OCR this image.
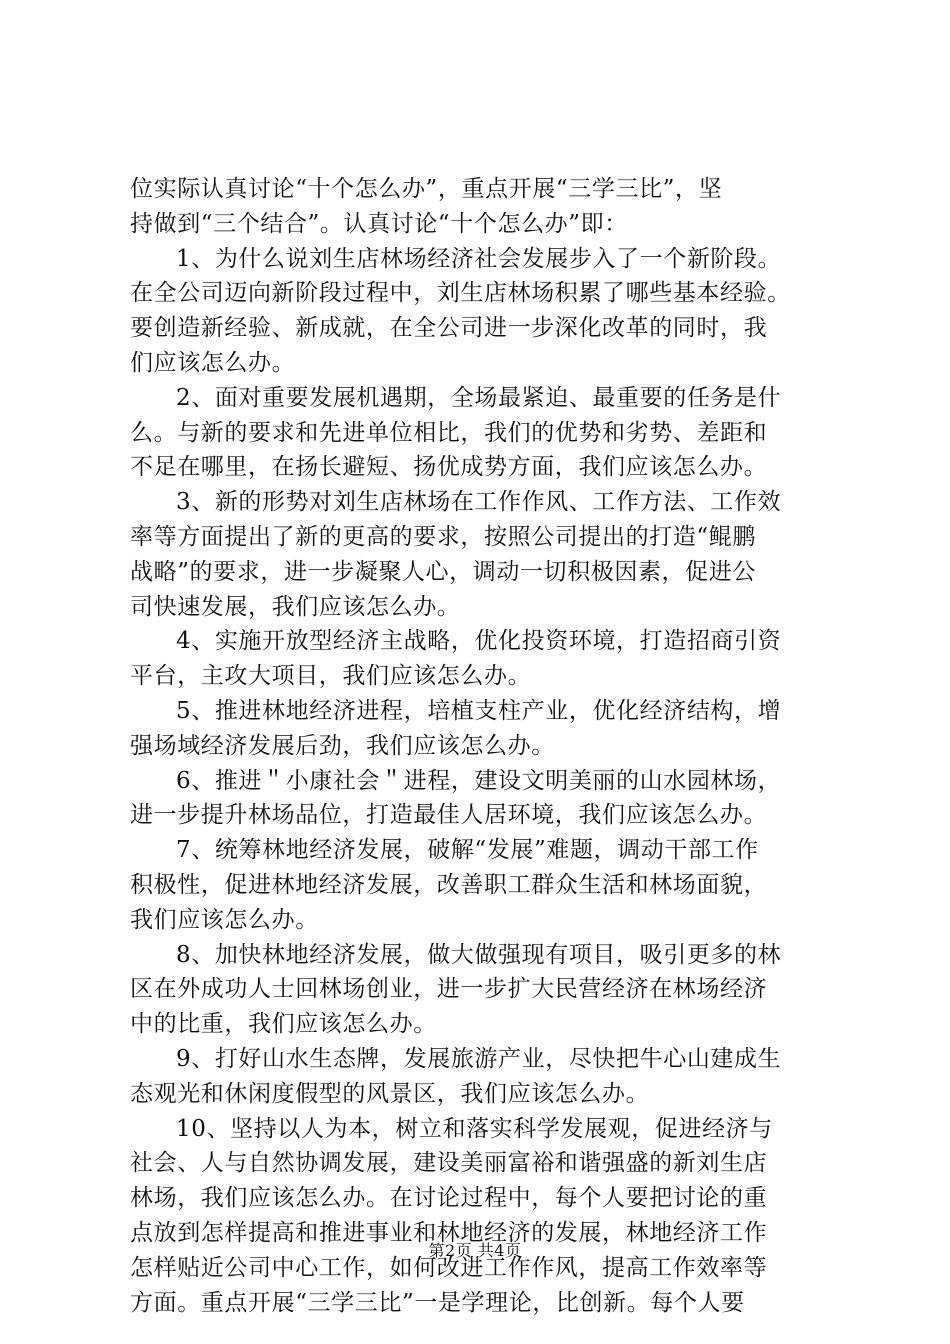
位实际认真讨论“十个怎么办”，重点开展“三学三比”，坚
持做到“三个结合”。认真讨论“十个怎么办”即：
1、为什么说刘生店林场经济社会发展步入了一个新阶段。
在全公司迈向新阶段过程中，刘生店林场积累了哪些基本经验。
要创造新经验、新成就，在全公司进一步深化改革的同时，我
们应该怎么办。
2、面对重要发展机遇期，全场最紧迫、最重要的任务是什
么。与新的要求和先进单位相比，我们的优势和劣势、差距和
不足在哪里，在扬长避短、扬优成势方面，我们应该怎么办。
3、新的形势对刘生店林场在工作作风、工作方法、工作效
率等方面提出了新的更高的要求，按照公司提出的打造“鲲鹏
战略”的要求，进一步凝聚人心，调动一切积极因素，促进公
司快速发展，我们应该怎么办。
4、实施开放型经济主战略，优化投资环境，打造招商引资
平台，主攻大项目，我们应该怎么办。
5、推进林地经济进程，培植支柱产业，优化经济结构，增
强场域经济发展后劲，我们应该怎么办。
6、推进＂小康社会＂进程，建设文明美丽的山水园林场，
进一步提升林场品位，打造最佳人居环境，我们应该怎么办。
7、统筹林地经济发展，破解“发展”难题，调动干部工作
积极性，促进林地经济发展，改善职工群众生活和林场面貌，
我们应该怎么办。
8、加快林地经济发展，做大做强现有项目，吸引更多的林
区在外成功人士回林场创业，进一步扩大民营经济在林场经济
中的比重，我们应该怎么办。
9、打好山水生态牌，发展旅游产业，尽快把牛心山建成生
态观光和休闲度假型的风景区，我们应该怎么办。
10、坚持以人为本，树立和落实科学发展观，促进经济与
社会、人与自然协调发展，建设美丽富裕和谐强盛的新刘生店
林场，我们应该怎么办。在讨论过程中，每个人要把讨论的重
点放到怎样提高和推进事业和林地经济的发展，林地经济工作
怎样贴近公司中心工作，如何改进工作作风，提高工作效率等
方面。重点开展“三学三比”一是学理论，比创新。每个人要
第2页 共4页
